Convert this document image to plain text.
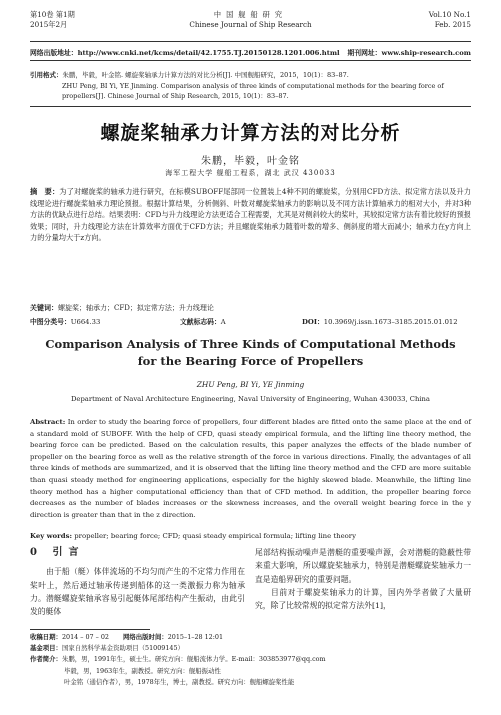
第10卷 第1期
2015年2月
中国舰船研究
Chinese Journal of Ship Research
Vol.10 No.1
Feb. 2015
网络出版地址：http://www.cnki.net/kcms/detail/42.1755.TJ.20150128.1201.006.html 期刊网址：www.ship-research.com
引用格式：朱鹏，毕毅，叶金铭. 螺旋桨轴承力计算方法的对比分析[J]. 中国舰船研究，2015，10(1)：83–87.
ZHU Peng, BI Yi, YE Jinming. Comparison analysis of three kinds of computational methods for the bearing force of
propellers[J]. Chinese Journal of Ship Research, 2015, 10(1)：83–87.
螺旋桨轴承力计算方法的对比分析
朱鹏，毕毅，叶金铭
海军工程大学 舰船工程系，湖北 武汉 430033
摘　要：为了对螺旋桨的轴承力进行研究，在标模SUBOFF尾部同一位置装上4种不同的螺旋桨，分别用CFD方法、拟定常方法以及升力线理论进行螺旋桨轴承力理论预报。根据计算结果，分析侧斜、叶数对螺旋桨轴承力的影响以及不同方法计算轴承力的相对大小，并对3种方法的优缺点进行总结。结果表明：CFD与升力线理论方法更适合工程需要，尤其是对侧斜较大的桨叶，其较拟定常方法有着比较好的预报效果；同时，升力线理论方法在计算效率方面优于CFD方法；并且螺旋桨轴承力随着叶数的增多、侧斜度的增大而减小；轴承力在y方向上力的分量均大于z方向。
关键词：螺旋桨；轴承力；CFD；拟定常方法；升力线理论
中图分类号：U664.33	文献标志码：A	DOI：10.3969/j.issn.1673–3185.2015.01.012
Comparison Analysis of Three Kinds of Computational Methods for the Bearing Force of Propellers
ZHU Peng, BI Yi, YE Jinming
Department of Naval Architecture Engineering, Naval University of Engineering, Wuhan 430033, China
Abstract: In order to study the bearing force of propellers, four different blades are fitted onto the same place at the end of a standard mold of SUBOFF. With the help of CFD, quasi steady empirical formula, and the lifting line theory method, the bearing force can be predicted. Based on the calculation results, this paper analyzes the effects of the blade number of propeller on the bearing force as well as the relative strength of the force in various directions. Finally, the advantages of all three kinds of methods are summarized, and it is observed that the lifting line theory method and the CFD are more suitable than quasi steady method for engineering applications, especially for the highly skewed blade. Meanwhile, the lifting line theory method has a higher computational efficiency than that of CFD method. In addition, the propeller bearing force decreases as the number of blades increases or the skewness increases, and the overall weight bearing force in the y direction is greater than that in the z direction.
Key words: propeller; bearing force; CFD; quasi steady empirical formula; lifting line theory
0 引言

由于船（艇）体伴流场的不均匀而产生的不定常力作用在桨叶上，然后通过轴承传递到船体的这一类激振力称为轴承力。潜艇螺旋桨轴承容易引起艇体尾部结构产生振动，由此引发的艇体

尾部结构振动噪声是潜艇的重要噪声源，会对潜艇的隐蔽性带来重大影响，所以螺旋桨轴承力，特别是潜艇螺旋桨轴承力一直是造船界研究的重要问题。

目前对于螺旋桨轴承力的计算，国内外学者做了大量研究，除了比较常规的拟定常方法外[1]，

收稿日期：2014 – 07 – 02 网络出版时间：2015–1–28 12:01
基金项目：国家自然科学基金资助项目（51009145）
作者简介：朱鹏，男，1991年生，硕士生。研究方向：舰船流体力学。E-mail：303853977@qq.com
毕毅，男，1963年生，副教授。研究方向：舰船振动性
叶金铭（通信作者），男，1978年生，博士，副教授。研究方向：舰船螺旋桨性能
